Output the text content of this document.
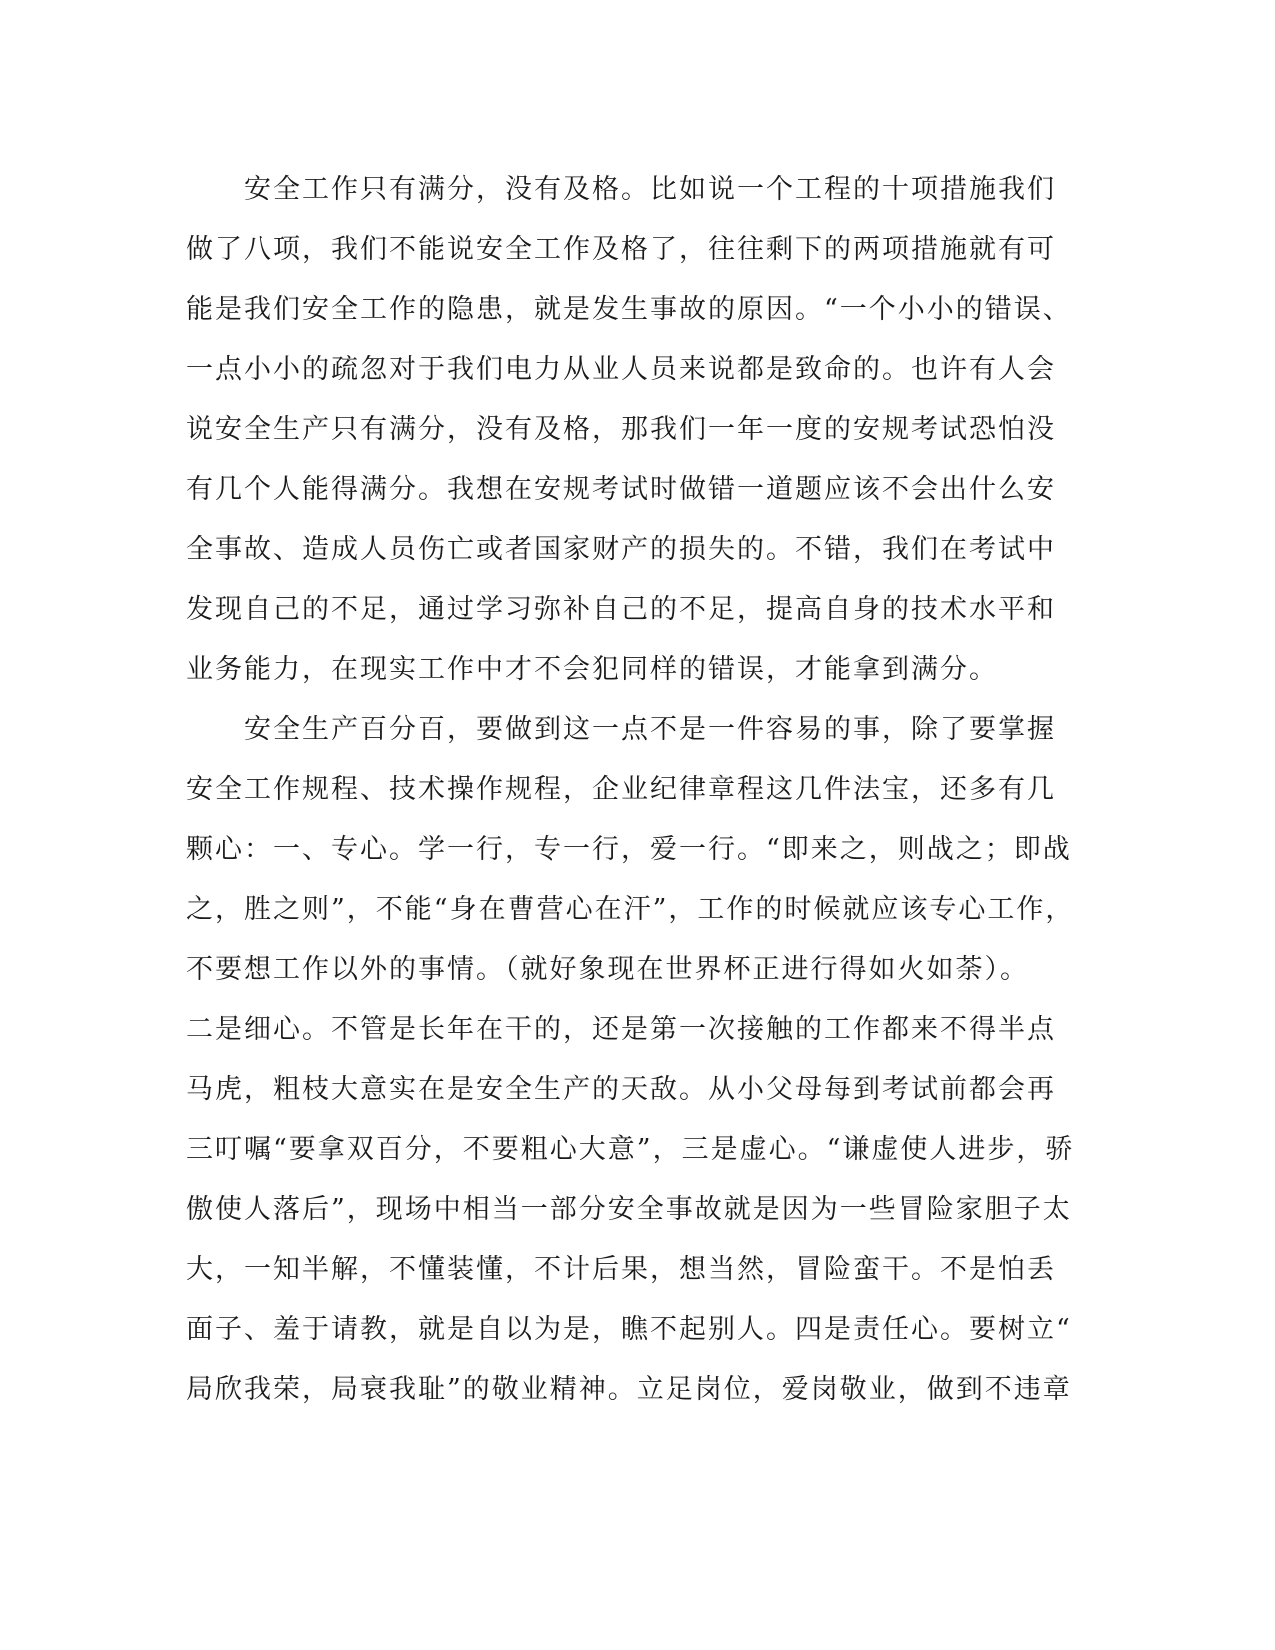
　　安全工作只有满分，没有及格。比如说一个工程的十项措施我们
做了八项，我们不能说安全工作及格了，往往剩下的两项措施就有可
能是我们安全工作的隐患，就是发生事故的原因。“一个小小的错误、
一点小小的疏忽对于我们电力从业人员来说都是致命的。也许有人会
说安全生产只有满分，没有及格，那我们一年一度的安规考试恐怕没
有几个人能得满分。我想在安规考试时做错一道题应该不会出什么安
全事故、造成人员伤亡或者国家财产的损失的。不错，我们在考试中
发现自己的不足，通过学习弥补自己的不足，提高自身的技术水平和
业务能力，在现实工作中才不会犯同样的错误，才能拿到满分。
　　安全生产百分百，要做到这一点不是一件容易的事，除了要掌握
安全工作规程、技术操作规程，企业纪律章程这几件法宝，还多有几
颗心：一、专心。学一行，专一行，爱一行。“即来之，则战之；即战
之，胜之则”，不能“身在曹营心在汗”，工作的时候就应该专心工作，
不要想工作以外的事情。（就好象现在世界杯正进行得如火如荼）。
二是细心。不管是长年在干的，还是第一次接触的工作都来不得半点
马虎，粗枝大意实在是安全生产的天敌。从小父母每到考试前都会再
三叮嘱“要拿双百分，不要粗心大意”，三是虚心。“谦虚使人进步，骄
傲使人落后”，现场中相当一部分安全事故就是因为一些冒险家胆子太
大，一知半解，不懂装懂，不计后果，想当然，冒险蛮干。不是怕丢
面子、羞于请教，就是自以为是，瞧不起别人。四是责任心。要树立“
局欣我荣，局衰我耻”的敬业精神。立足岗位，爱岗敬业，做到不违章
